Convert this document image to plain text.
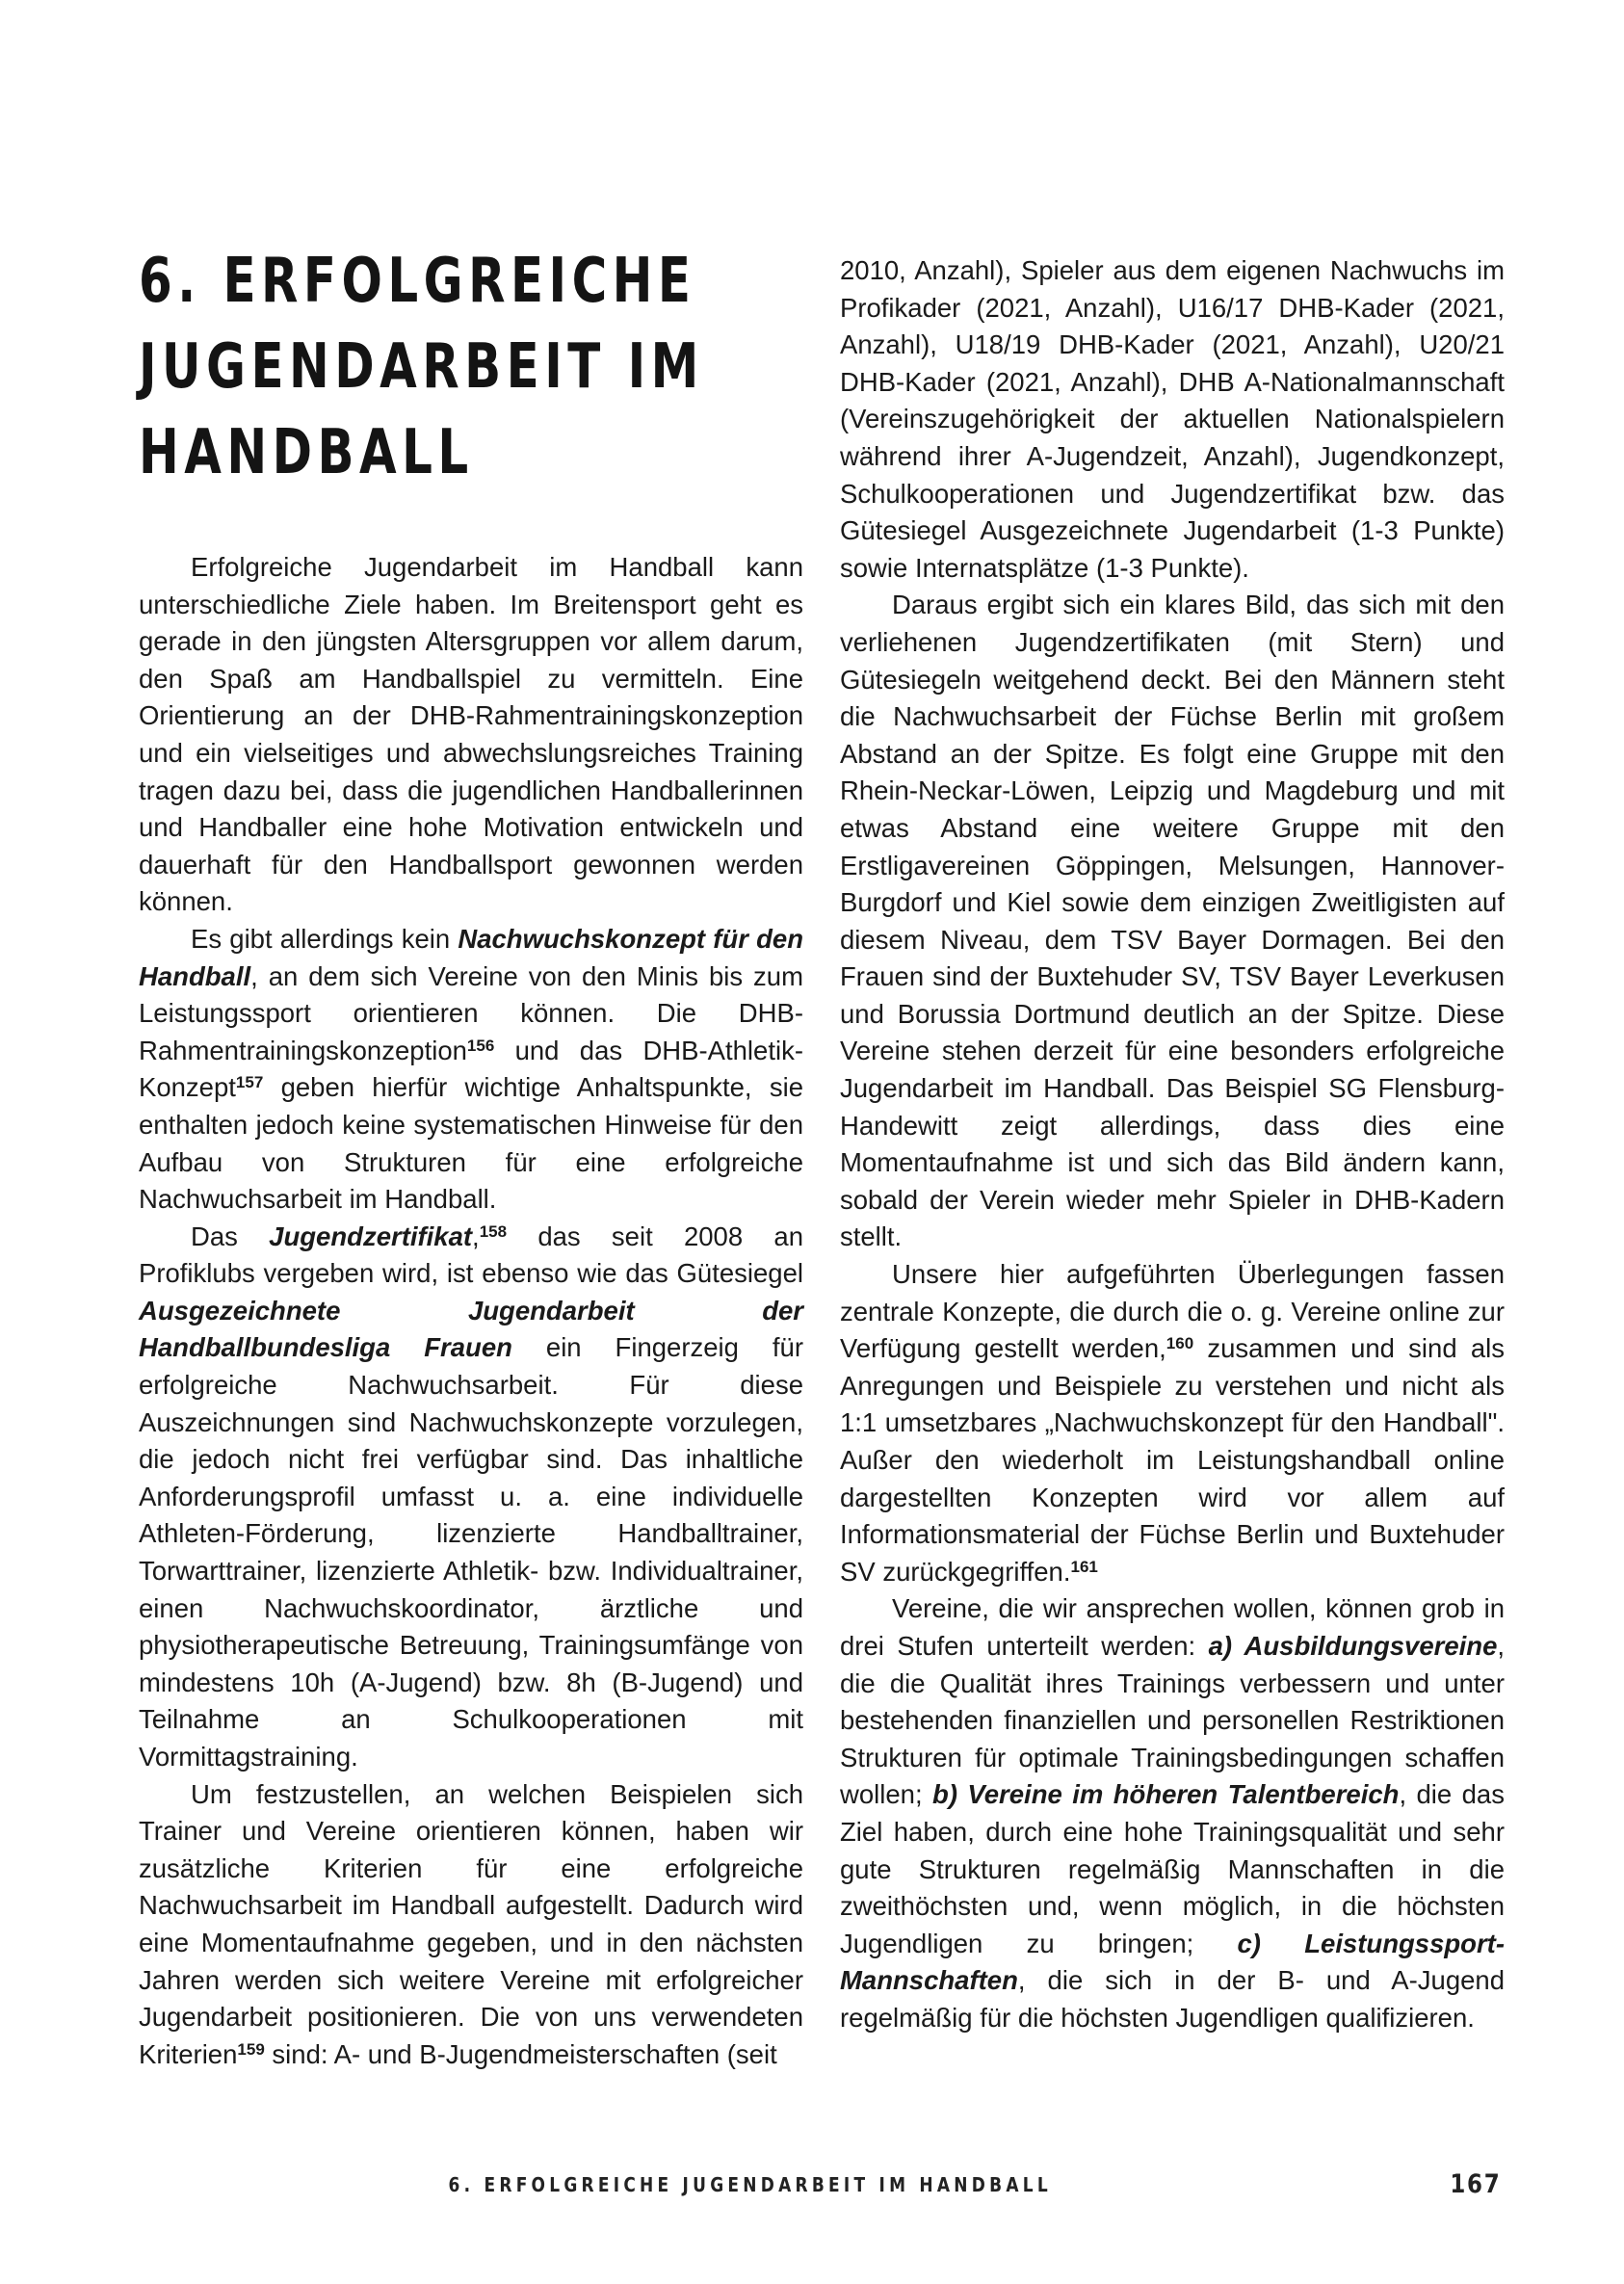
6. ERFOLGREICHE
JUGENDARBEIT IM
HANDBALL

Erfolgreiche Jugendarbeit im Handball kann unterschiedliche Ziele haben. Im Breitensport geht es gerade in den jüngsten Altersgruppen vor allem darum, den Spaß am Handballspiel zu vermitteln. Eine Orientierung an der DHB-Rahmentrainingskonzeption und ein vielseitiges und abwechslungsreiches Training tragen dazu bei, dass die jugendlichen Handballerinnen und Handballer eine hohe Motivation entwickeln und dauerhaft für den Handballsport gewonnen werden können.

Es gibt allerdings kein Nachwuchskonzept für den Handball, an dem sich Vereine von den Minis bis zum Leistungssport orientieren können. Die DHB-Rahmentrainingskonzeption$^{156}$ und das DHB-Athletik-Konzept$^{157}$ geben hierfür wichtige Anhaltspunkte, sie enthalten jedoch keine systematischen Hinweise für den Aufbau von Strukturen für eine erfolgreiche Nachwuchsarbeit im Handball.

Das Jugendzertifikat,$^{158}$ das seit 2008 an Profiklubs vergeben wird, ist ebenso wie das Gütesiegel Ausgezeichnete Jugendarbeit der Handballbundesliga Frauen ein Fingerzeig für erfolgreiche Nachwuchsarbeit. Für diese Auszeichnungen sind Nachwuchskonzepte vorzulegen, die jedoch nicht frei verfügbar sind. Das inhaltliche Anforderungsprofil umfasst u. a. eine individuelle Athleten-Förderung, lizenzierte Handballtrainer, Torwarttrainer, lizenzierte Athletik- bzw. Individualtrainer, einen Nachwuchskoordinator, ärztliche und physiotherapeutische Betreuung, Trainingsumfänge von mindestens 10h (A-Jugend) bzw. 8h (B-Jugend) und Teilnahme an Schulkooperationen mit Vormittagstraining.

Um festzustellen, an welchen Beispielen sich Trainer und Vereine orientieren können, haben wir zusätzliche Kriterien für eine erfolgreiche Nachwuchsarbeit im Handball aufgestellt. Dadurch wird eine Momentaufnahme gegeben, und in den nächsten Jahren werden sich weitere Vereine mit erfolgreicher Jugendarbeit positionieren. Die von uns verwendeten Kriterien$^{159}$ sind: A- und B-Jugendmeisterschaften (seit

2010, Anzahl), Spieler aus dem eigenen Nachwuchs im Profikader (2021, Anzahl), U16/17 DHB-Kader (2021, Anzahl), U18/19 DHB-Kader (2021, Anzahl), U20/21 DHB-Kader (2021, Anzahl), DHB A-Nationalmannschaft (Vereinszugehörigkeit der aktuellen Nationalspielern während ihrer A-Jugendzeit, Anzahl), Jugendkonzept, Schulkooperationen und Jugendzertifikat bzw. das Gütesiegel Ausgezeichnete Jugendarbeit (1-3 Punkte) sowie Internatsplätze (1-3 Punkte).

Daraus ergibt sich ein klares Bild, das sich mit den verliehenen Jugendzertifikaten (mit Stern) und Gütesiegeln weitgehend deckt. Bei den Männern steht die Nachwuchsarbeit der Füchse Berlin mit großem Abstand an der Spitze. Es folgt eine Gruppe mit den Rhein-Neckar-Löwen, Leipzig und Magdeburg und mit etwas Abstand eine weitere Gruppe mit den Erstligavereinen Göppingen, Melsungen, Hannover-Burgdorf und Kiel sowie dem einzigen Zweitligisten auf diesem Niveau, dem TSV Bayer Dormagen. Bei den Frauen sind der Buxtehuder SV, TSV Bayer Leverkusen und Borussia Dortmund deutlich an der Spitze. Diese Vereine stehen derzeit für eine besonders erfolgreiche Jugendarbeit im Handball. Das Beispiel SG Flensburg-Handewitt zeigt allerdings, dass dies eine Momentaufnahme ist und sich das Bild ändern kann, sobald der Verein wieder mehr Spieler in DHB-Kadern stellt.

Unsere hier aufgeführten Überlegungen fassen zentrale Konzepte, die durch die o. g. Vereine online zur Verfügung gestellt werden,$^{160}$ zusammen und sind als Anregungen und Beispiele zu verstehen und nicht als 1:1 umsetzbares „Nachwuchskonzept für den Handball". Außer den wiederholt im Leistungshandball online dargestellten Konzepten wird vor allem auf Informationsmaterial der Füchse Berlin und Buxtehuder SV zurückgegriffen.$^{161}$

Vereine, die wir ansprechen wollen, können grob in drei Stufen unterteilt werden: a) Ausbildungsvereine, die die Qualität ihres Trainings verbessern und unter bestehenden finanziellen und personellen Restriktionen Strukturen für optimale Trainingsbedingungen schaffen wollen; b) Vereine im höheren Talentbereich, die das Ziel haben, durch eine hohe Trainingsqualität und sehr gute Strukturen regelmäßig Mannschaften in die zweithöchsten und, wenn möglich, in die höchsten Jugendligen zu bringen; c) Leistungssport-Mannschaften, die sich in der B- und A-Jugend regelmäßig für die höchsten Jugendligen qualifizieren.

6. ERFOLGREICHE JUGENDARBEIT IM HANDBALL	167
